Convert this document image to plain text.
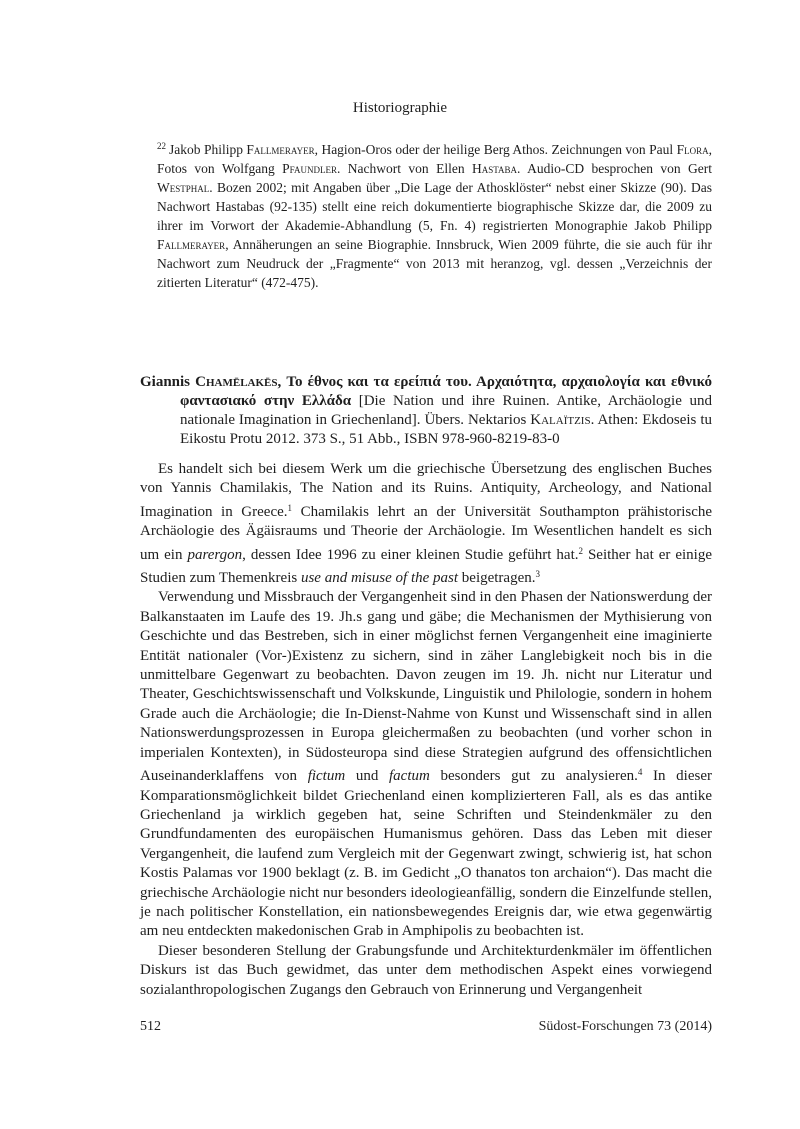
Historiographie
$^{22}$ Jakob Philipp Fallmerayer, Hagion-Oros oder der heilige Berg Athos. Zeichnungen von Paul Flora, Fotos von Wolfgang Pfaundler. Nachwort von Ellen Hastaba. Audio-CD besprochen von Gert Westphal. Bozen 2002; mit Angaben über „Die Lage der Athosklöster“ nebst einer Skizze (90). Das Nachwort Hastabas (92-135) stellt eine reich dokumentierte biographische Skizze dar, die 2009 zu ihrer im Vorwort der Akademie-Abhandlung (5, Fn. 4) registrierten Monographie Jakob Philipp Fallmerayer, Annäherungen an seine Biographie. Innsbruck, Wien 2009 führte, die sie auch für ihr Nachwort zum Neudruck der „Fragmente“ von 2013 mit heranzog, vgl. dessen „Verzeichnis der zitierten Literatur“ (472-475).
Giannis Chamēlakēs, Το έθνος και τα ερείπιά του. Αρχαιότητα, αρχαιολογία και εθνικό φαντασιακό στην Ελλάδα [Die Nation und ihre Ruinen. Antike, Archäologie und nationale Imagination in Griechenland]. Übers. Nektarios Kalaïtzis. Athen: Ekdoseis tu Eikostu Protu 2012. 373 S., 51 Abb., ISBN 978-960-8219-83-0

Es handelt sich bei diesem Werk um die griechische Übersetzung des englischen Buches von Yannis Chamilakis, The Nation and its Ruins. Antiquity, Archeology, and National Imagination in Greece.$^1$ Chamilakis lehrt an der Universität Southampton prähistorische Archäologie des Ägäisraums und Theorie der Archäologie. Im Wesentlichen handelt es sich um ein parergon, dessen Idee 1996 zu einer kleinen Studie geführt hat.$^2$ Seither hat er einige Studien zum Themenkreis use and misuse of the past beigetragen.$^3$

Verwendung und Missbrauch der Vergangenheit sind in den Phasen der Nationswerdung der Balkanstaaten im Laufe des 19. Jh.s gang und gäbe; die Mechanismen der Mythisierung von Geschichte und das Bestreben, sich in einer möglichst fernen Vergangenheit eine imaginierte Entität nationaler (Vor-)Existenz zu sichern, sind in zäher Langlebigkeit noch bis in die unmittelbare Gegenwart zu beobachten. Davon zeugen im 19. Jh. nicht nur Literatur und Theater, Geschichtswissenschaft und Volkskunde, Linguistik und Philologie, sondern in hohem Grade auch die Archäologie; die In-Dienst-Nahme von Kunst und Wissenschaft sind in allen Nationswerdungsprozessen in Europa gleichermaßen zu beobachten (und vorher schon in imperialen Kontexten), in Südosteuropa sind diese Strategien aufgrund des offensichtlichen Auseinanderklaffens von fictum und factum besonders gut zu analysieren.$^4$ In dieser Komparationsmöglichkeit bildet Griechenland einen komplizierteren Fall, als es das antike Griechenland ja wirklich gegeben hat, seine Schriften und Steindenkmäler zu den Grundfundamenten des europäischen Humanismus gehören. Dass das Leben mit dieser Vergangenheit, die laufend zum Vergleich mit der Gegenwart zwingt, schwierig ist, hat schon Kostis Palamas vor 1900 beklagt (z. B. im Gedicht „O thanatos ton archaion“). Das macht die griechische Archäologie nicht nur besonders ideologieanfällig, sondern die Einzelfunde stellen, je nach politischer Konstellation, ein nationsbewegendes Ereignis dar, wie etwa gegenwärtig am neu entdeckten makedonischen Grab in Amphipolis zu beobachten ist.

Dieser besonderen Stellung der Grabungsfunde und Architekturdenkmäler im öffentlichen Diskurs ist das Buch gewidmet, das unter dem methodischen Aspekt eines vorwiegend sozialanthropologischen Zugangs den Gebrauch von Erinnerung und Vergangenheit

512	Südost-Forschungen 73 (2014)
